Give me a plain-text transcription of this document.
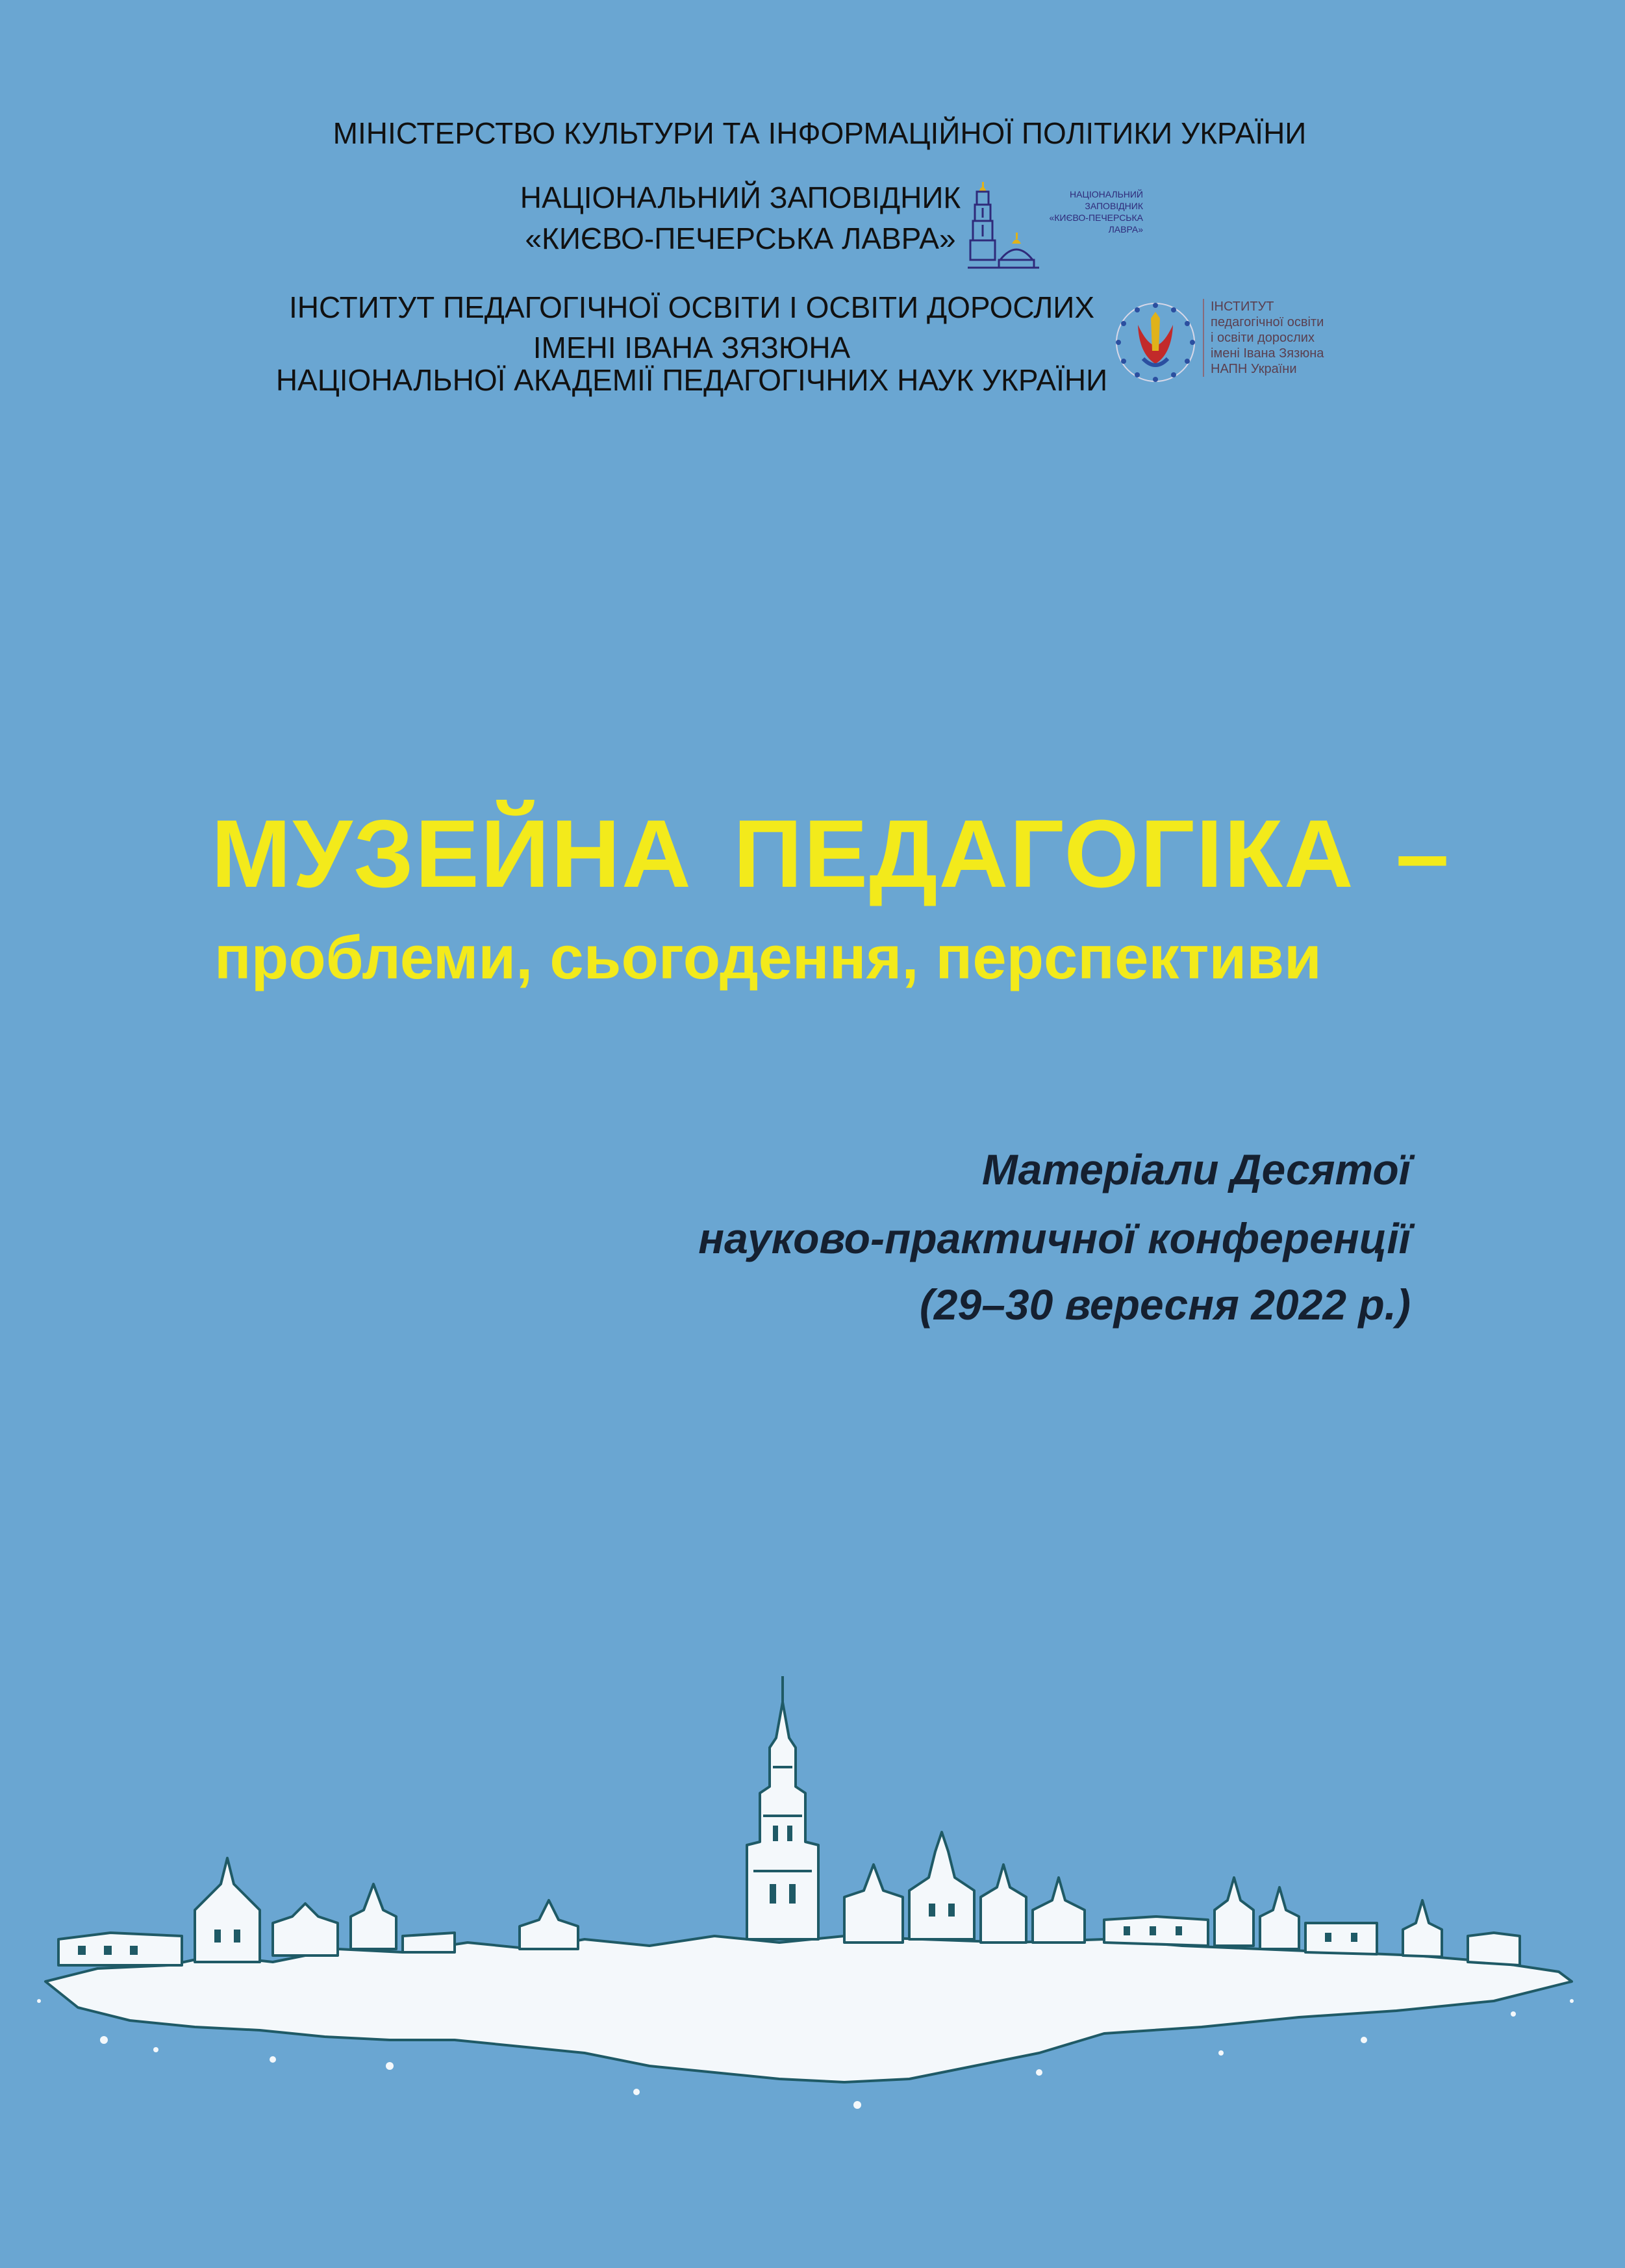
МІНІСТЕРСТВО КУЛЬТУРИ ТА ІНФОРМАЦІЙНОЇ ПОЛІТИКИ УКРАЇНИ
НАЦІОНАЛЬНИЙ ЗАПОВІДНИК
«КИЄВО-ПЕЧЕРСЬКА ЛАВРА»
НАЦІОНАЛЬНИЙ
ЗАПОВІДНИК
«КИЄВО-ПЕЧЕРСЬКА
ЛАВРА»
ІНСТИТУТ ПЕДАГОГІЧНОЇ ОСВІТИ І ОСВІТИ ДОРОСЛИХ
ІМЕНІ ІВАНА ЗЯЗЮНА
НАЦІОНАЛЬНОЇ АКАДЕМІЇ ПЕДАГОГІЧНИХ НАУК УКРАЇНИ
ІНСТИТУТ
педагогічної освіти
і освіти дорослих
імені Івана Зязюна
НАПН України
МУЗЕЙНА ПЕДАГОГІКА –
проблеми, сьогодення, перспективи
Матеріали Десятої
науково-практичної конференції
(29–30 вересня 2022 р.)
